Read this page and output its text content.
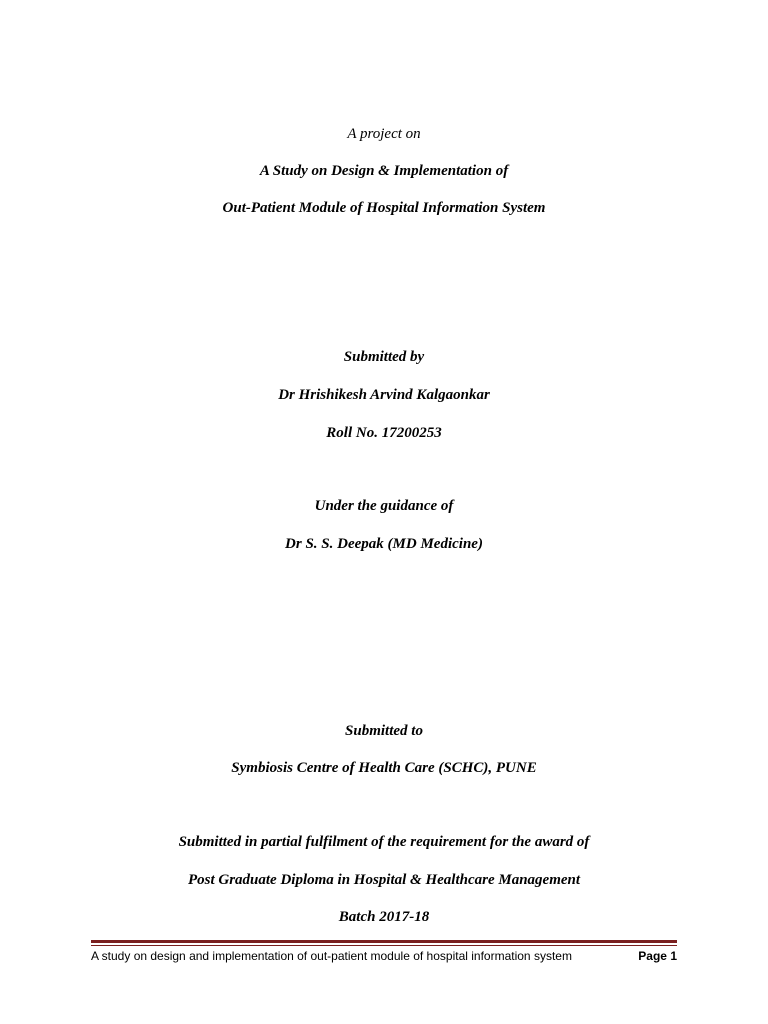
A project on
A Study on Design & Implementation of
Out-Patient Module of Hospital Information System
Submitted by
Dr Hrishikesh Arvind Kalgaonkar
Roll No. 17200253
Under the guidance of
Dr S. S. Deepak (MD Medicine)
Submitted to
Symbiosis Centre of Health Care (SCHC), PUNE
Submitted in partial fulfilment of the requirement for the award of
Post Graduate Diploma in Hospital & Healthcare Management
Batch 2017-18
A study on design and implementation of out-patient module of hospital information system	Page 1
